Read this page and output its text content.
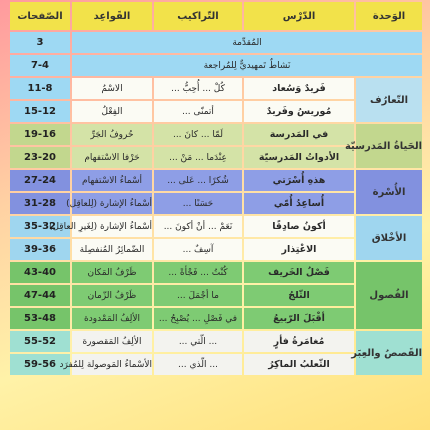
الوَحدة	الدّرْس	التّراكيب	القَواعِد	الصّفحات
المُقدِّمة				3
نَشاطٌ تَمهيديٌّ لِلمُراجعة				7-4
التّعارُف	فَريدٌ وَسُعاد	كُلْ ... أُحِبُّ ...	الاسْمُ	11-8
	مُوريسُ وفَريدٌ	أتمنّى ...	الفِعْلُ	15-12
الحَياةُ المَدرسيّة	في المَدرسة	لَمّا ... كانَ ...	حُروفُ الجَرِّ	19-16
	الأدواتُ المَدرسيّة	عِنْدَما ... مَنْ ...	حَرْفا الاسْتفهام	23-20
الأُسْرة	هذهِ أُسْرَتي	شُكرًا ... عَلى ...	أسْماءُ الاسْتفهام	27-24
	أُساعِدُ أُمّي	حَسَنًا ...	أسْماءُ الإشارة (لِلعاقِل)	31-28
الأخْلاق	أكونُ صادِقًا	نَعَمْ ... أنْ أكونَ ...	أسْماءُ الإشارة (لِغَيرِ العاقِل)	35-32
	الاعْتِذار	آسِفٌ ...	الضّمائِرُ المُنفصِلة	39-36
الفُصول	فَصْلُ الخَريف	كُنْتُ ... فَجْأةً ...	ظَرْفُ المَكان	43-40
	الثّلجُ	ما أجْمَلَ ...	ظَرْفُ الزّمان	47-44
	أقْبَلَ الرّبيعُ	في فَصْلِ ... يُصْبِحُ ...	الألِفُ المَمْدودة	53-48
القَصصُ والعِبَر	مُغامَرةُ فأرٍ	... الّتي ...	الألِفُ المَقصورة	55-52
	الثّعلبُ الماكِرُ	... الّذي ...	الأسْماءُ المَوصولة لِلمُفرَد	59-56
